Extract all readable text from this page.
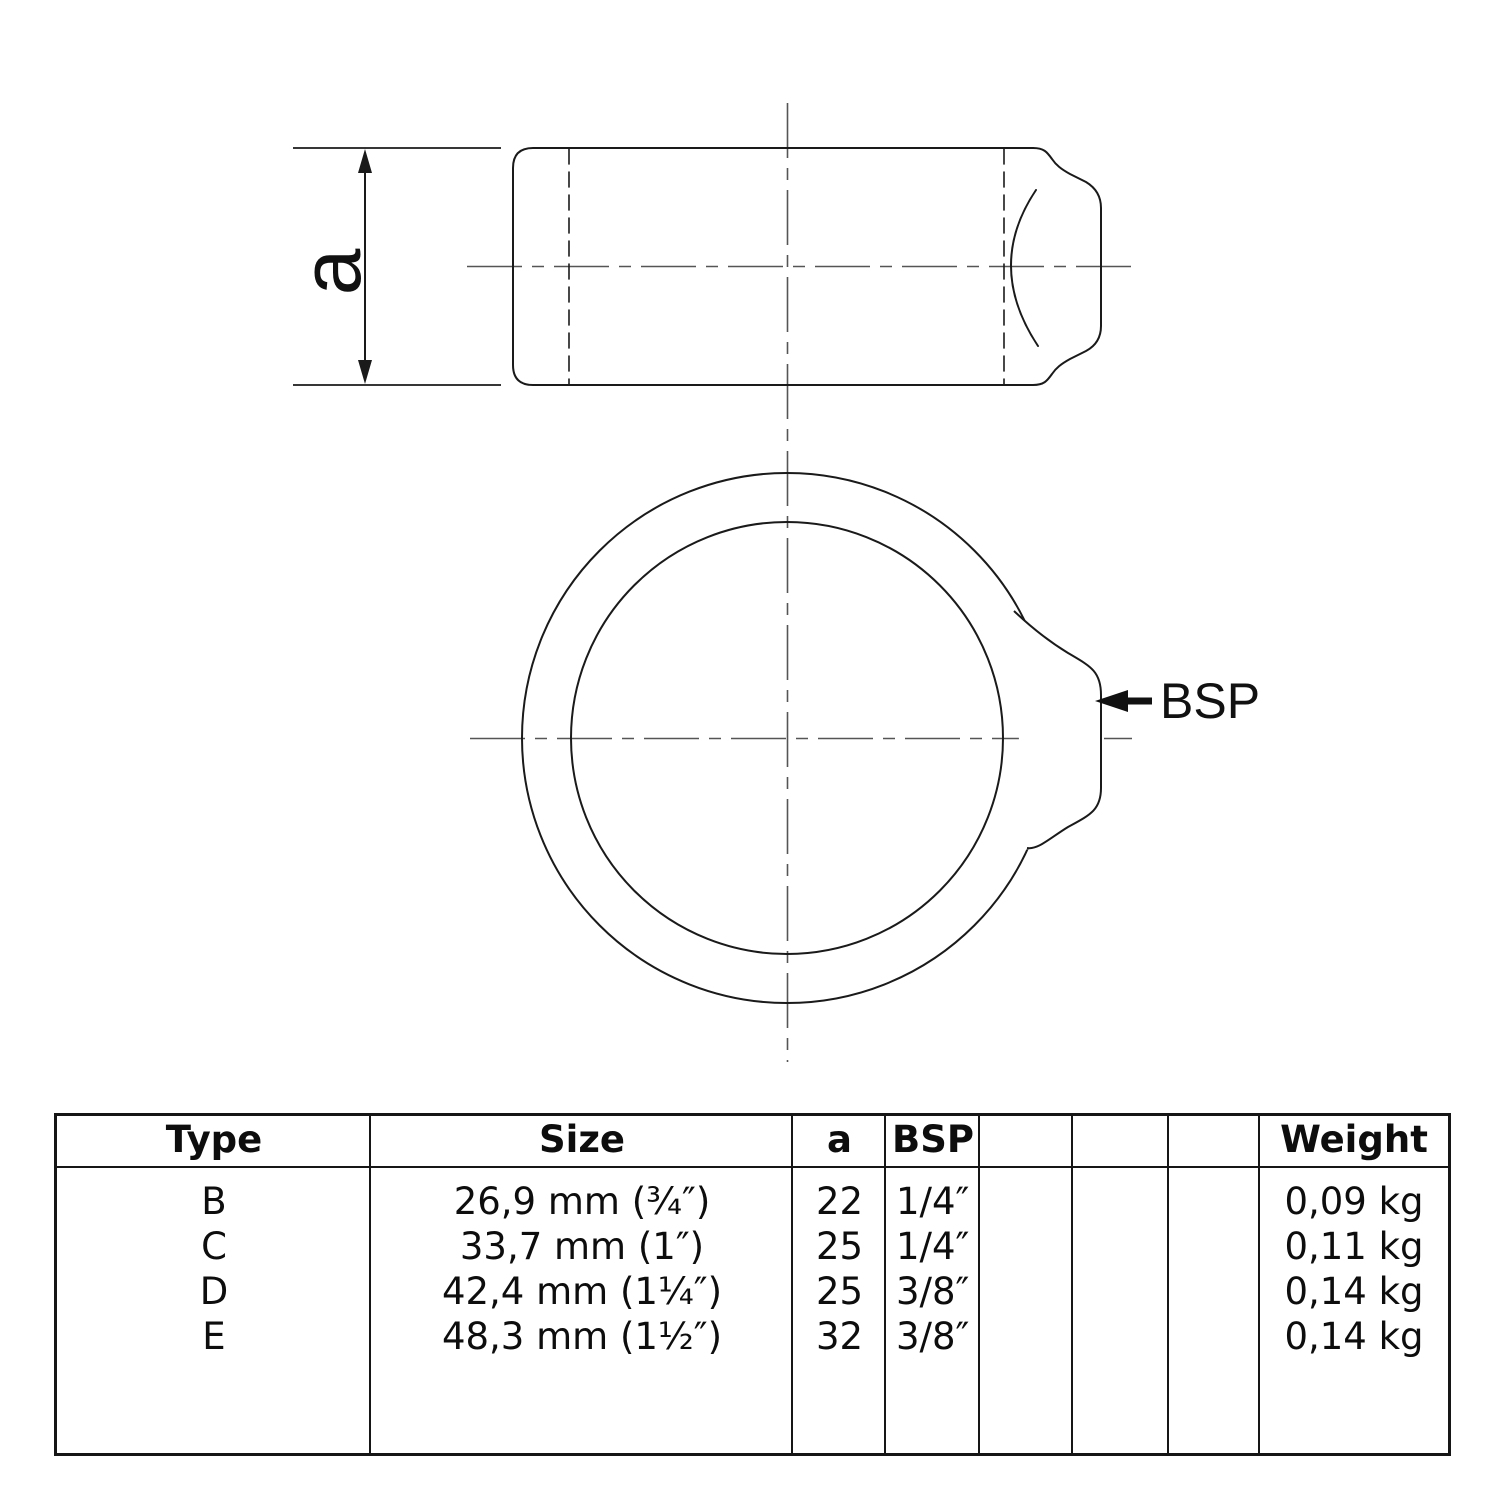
a
BSP
Type	Size	a	BSP	Weight
B	26,9 mm (¾″)	22 1/4″	0,09 kg
C	33,7 mm (1″)	25 1/4″	0,11 kg
D	42,4 mm (1¼″)	25 3/8″	0,14 kg
E	48,3 mm (1½″)	32 3/8″	0,14 kg
